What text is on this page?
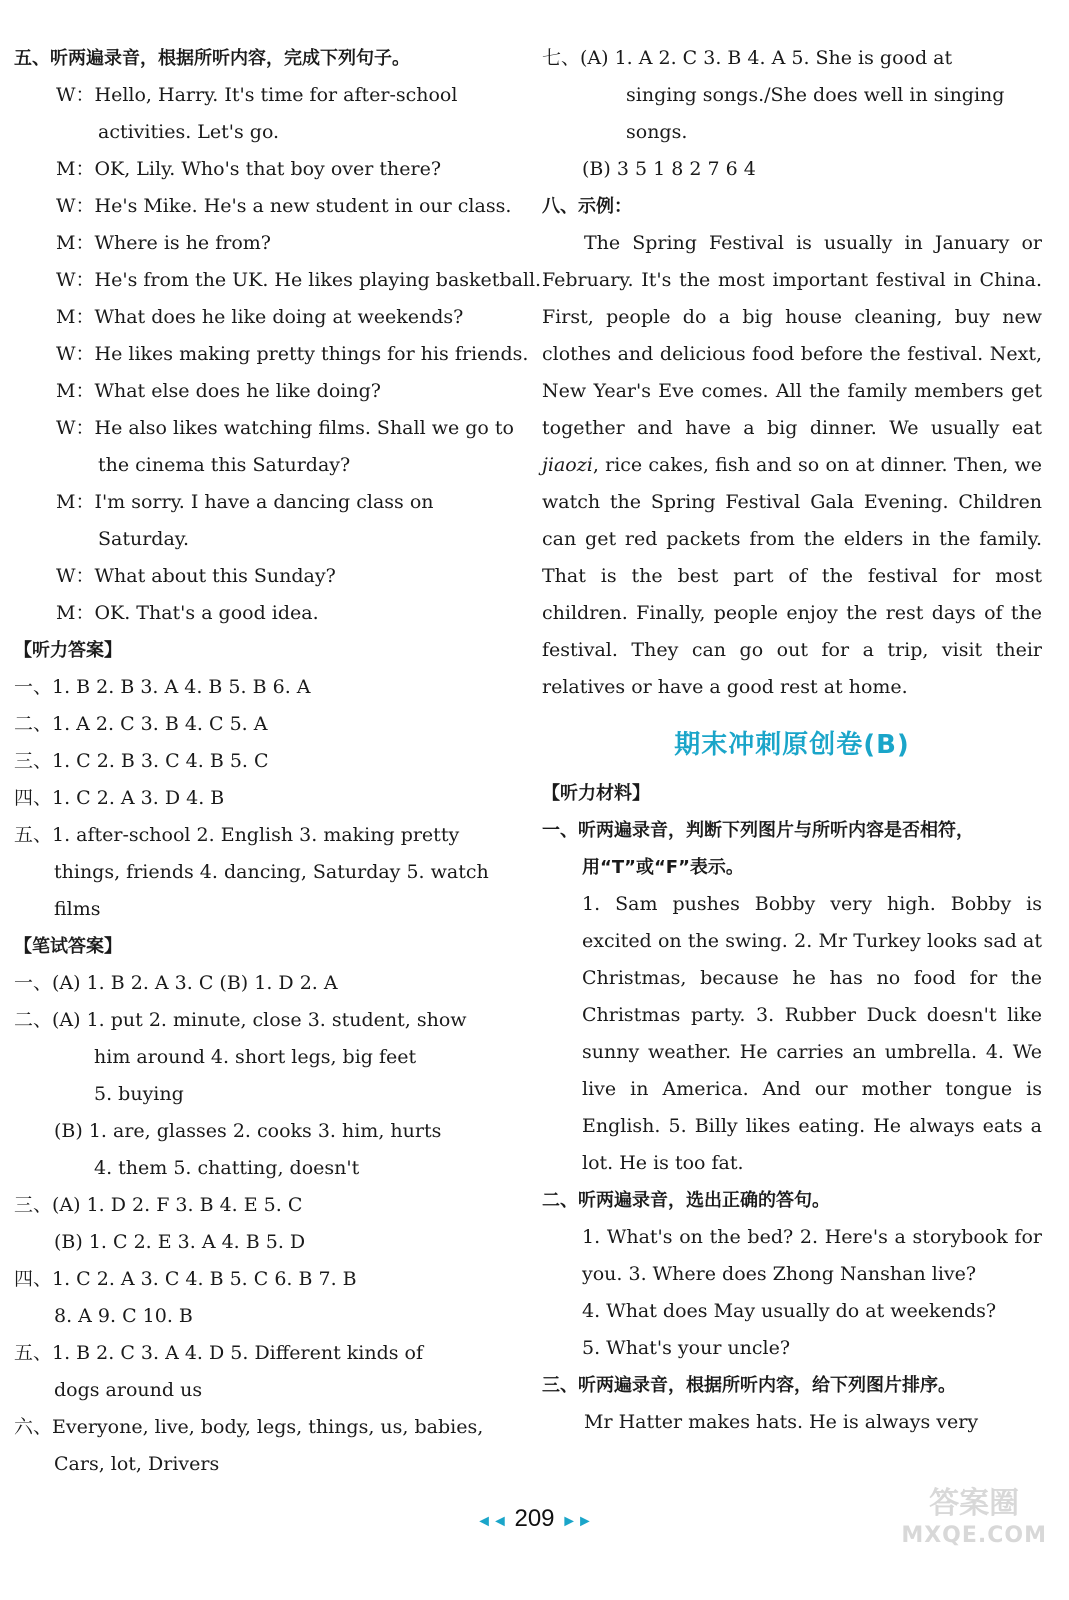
五、听两遍录音，根据所听内容，完成下列句子。
W：Hello, Harry. It's time for after-school
activities. Let's go.
M：OK, Lily. Who's that boy over there?
W：He's Mike. He's a new student in our class.
M：Where is he from?
W：He's from the UK. He likes playing basketball.
M：What does he like doing at weekends?
W：He likes making pretty things for his friends.
M：What else does he like doing?
W：He also likes watching films. Shall we go to
the cinema this Saturday?
M：I'm sorry. I have a dancing class on
Saturday.
W：What about this Sunday?
M：OK. That's a good idea.
【听力答案】
一、1. B 2. B 3. A 4. B 5. B 6. A
二、1. A 2. C 3. B 4. C 5. A
三、1. C 2. B 3. C 4. B 5. C
四、1. C 2. A 3. D 4. B
五、1. after-school 2. English 3. making pretty
things, friends 4. dancing, Saturday 5. watch
films
【笔试答案】
一、(A) 1. B 2. A 3. C (B) 1. D 2. A
二、(A) 1. put 2. minute, close 3. student, show
him around 4. short legs, big feet
5. buying
(B) 1. are, glasses 2. cooks 3. him, hurts
4. them 5. chatting, doesn't
三、(A) 1. D 2. F 3. B 4. E 5. C
(B) 1. C 2. E 3. A 4. B 5. D
四、1. C 2. A 3. C 4. B 5. C 6. B 7. B
8. A 9. C 10. B
五、1. B 2. C 3. A 4. D 5. Different kinds of
dogs around us
六、Everyone, live, body, legs, things, us, babies,
Cars, lot, Drivers
七、(A) 1. A 2. C 3. B 4. A 5. She is good at
singing songs./She does well in singing
songs.
(B) 3 5 1 8 2 7 6 4
八、示例：
The Spring Festival is usually in January or February. It's the most important festival in China. First, people do a big house cleaning, buy new clothes and delicious food before the festival. Next, New Year's Eve comes. All the family members get together and have a big dinner. We usually eat jiaozi, rice cakes, fish and so on at dinner. Then, we watch the Spring Festival Gala Evening. Children can get red packets from the elders in the family. That is the best part of the festival for most children. Finally, people enjoy the rest days of the festival. They can go out for a trip, visit their relatives or have a good rest at home.
期末冲刺原创卷(B)
【听力材料】
一、听两遍录音，判断下列图片与所听内容是否相符，
用“T”或“F”表示。
1. Sam pushes Bobby very high. Bobby is excited on the swing. 2. Mr Turkey looks sad at Christmas, because he has no food for the Christmas party. 3. Rubber Duck doesn't like sunny weather. He carries an umbrella. 4. We live in America. And our mother tongue is English. 5. Billy likes eating. He always eats a lot. He is too fat.
二、听两遍录音，选出正确的答句。
1. What's on the bed? 2. Here's a storybook for you. 3. Where does Zhong Nanshan live?
4. What does May usually do at weekends?
5. What's your uncle?
三、听两遍录音，根据所听内容，给下列图片排序。
Mr Hatter makes hats. He is always very
◄◄ 209 ►►
答案圈
MXQE.COM
